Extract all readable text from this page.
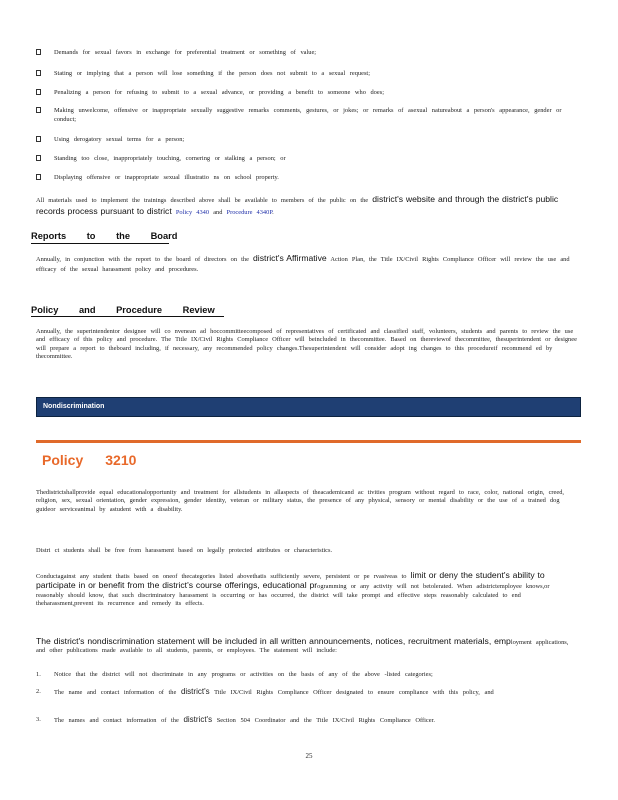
Demands for sexual favors in exchange for preferential treatment or something of value;
Stating or implying that a person will lose something if the person does not submit to a sexual request;
Penalizing a person for refusing to submit to a sexual advance, or providing a benefit to someone who does;
Making unwelcome, offensive or inappropriate sexually suggestive remarks comments, gestures, or jokes; or remarks of asexual natureabout a person's appearance, gender or conduct;
Using derogatory sexual terms for a person;
Standing too close, inappropriately touching, cornering or stalking a person; or
Displaying offensive or inappropriate sexual illustratio ns on school property.
All materials used to implement the trainings described above shall be available to members of the public on the district's website and through the district's public records process pursuant to district Policy 4340 and Procedure 4340P.
Reports to the Board
Annually, in conjunction with the report to the board of directors on the district's Affirmative Action Plan, the Title IX/Civil Rights Compliance Officer will review the use and efficacy of the sexual harassment policy and procedures.
Policy and Procedure Review
Annually, the superintendentor designee will co nvenean ad hoccommitteecomposed of representatives of certificated and classified staff, volunteers, students and parents to review the use and efficacy of this policy and procedure. The Title IX/Civil Rights Compliance Officer will beincluded in thecommittee. Based on thereviewof thecommittee, thesuperintendent or designee will prepare a report to theboard including, if necessary, any recommended policy changes.Thesuperintendent will consider adopt ing changes to this procedureif recommend ed by thecommittee.
Nondiscrimination
Policy 3210
Thedistrictshallprovide equal educationalopportunity and treatment for allstudents in allaspects of theacademicand ac tivities program without regard to race, color, national origin, creed, religion, sex, sexual orientation, gender expression, gender identity, veteran or military status, the presence of any physical, sensory or mental disability or the use of a trained dog guideor serviceanimal by astudent with a disability.
Distri ct students shall be free from harassment based on legally protected attributes or characteristics.
Conductagainst any student thatis based on oneof thecategories listed abovethatis sufficiently severe, persistent or pe rvasiveas to limit or deny the student's ability to participate in or benefit from the district's course offerings, educational programming or any activity will not betolerated. When adistrictemployee knows,or reasonably should know, that such discriminatory harassment is occurring or has occurred, the district will take prompt and effective steps reasonably calculated to end theharassment,prevent its recurrence and remedy its effects.
The district's nondiscrimination statement will be included in all written announcements, notices, recruitment materials, employment applications, and other publications made available to all students, parents, or employees. The statement will include:
1. Notice that the district will not discriminate in any programs or activities on the basis of any of the above -listed categories;
2. The name and contact information of the district's Title IX/Civil Rights Compliance Officer designated to ensure compliance with this policy, and
3. The names and contact information of the district's Section 504 Coordinator and the Title IX/Civil Rights Compliance Officer.
25
